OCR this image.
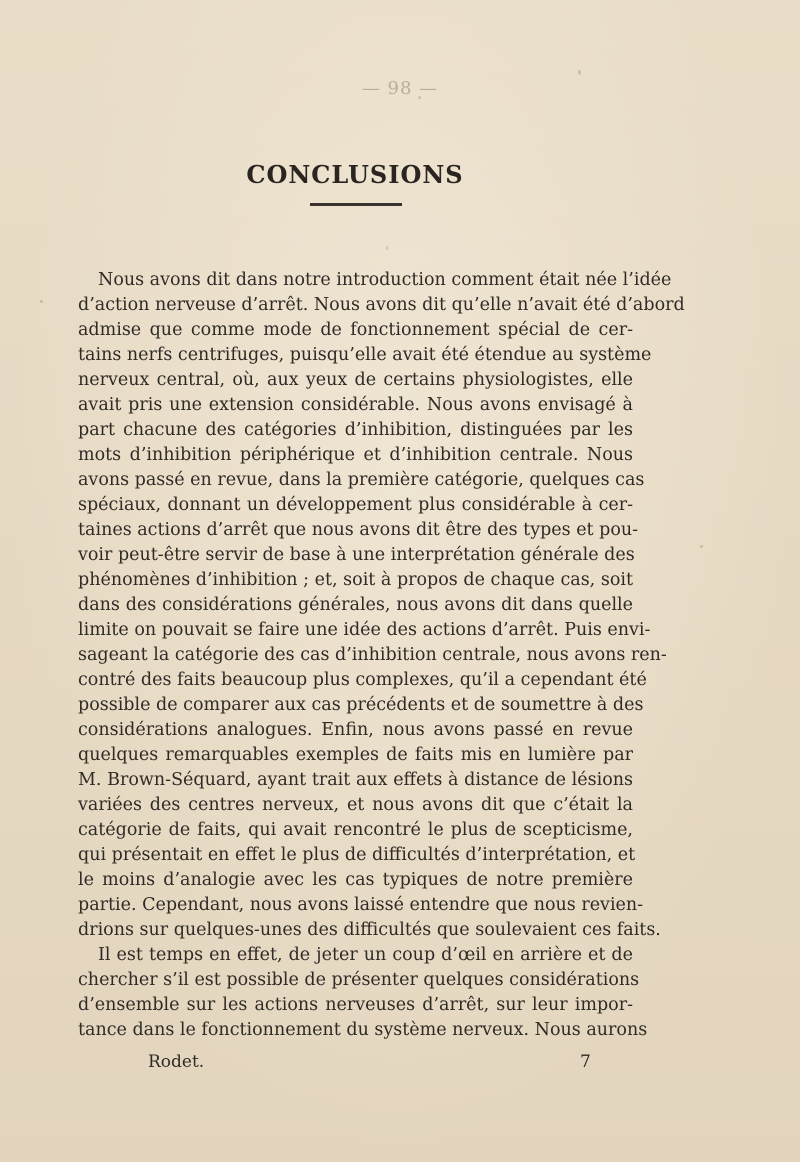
— 98 —
CONCLUSIONS

Nous avons dit dans notre introduction comment était née l’idée
d’action nerveuse d’arrêt. Nous avons dit qu’elle n’avait été d’abord
admise que comme mode de fonctionnement spécial de cer-
tains nerfs centrifuges, puisqu’elle avait été étendue au système
nerveux central, où, aux yeux de certains physiologistes, elle
avait pris une extension considérable. Nous avons envisagé à
part chacune des catégories d’inhibition, distinguées par les
mots d’inhibition périphérique et d’inhibition centrale. Nous
avons passé en revue, dans la première catégorie, quelques cas
spéciaux, donnant un développement plus considérable à cer-
taines actions d’arrêt que nous avons dit être des types et pou-
voir peut-être servir de base à une interprétation générale des
phénomènes d’inhibition ; et, soit à propos de chaque cas, soit
dans des considérations générales, nous avons dit dans quelle
limite on pouvait se faire une idée des actions d’arrêt. Puis envi-
sageant la catégorie des cas d’inhibition centrale, nous avons ren-
contré des faits beaucoup plus complexes, qu’il a cependant été
possible de comparer aux cas précédents et de soumettre à des
considérations analogues. Enfin, nous avons passé en revue
quelques remarquables exemples de faits mis en lumière par
M. Brown-Séquard, ayant trait aux effets à distance de lésions
variées des centres nerveux, et nous avons dit que c’était la
catégorie de faits, qui avait rencontré le plus de scepticisme,
qui présentait en effet le plus de difficultés d’interprétation, et
le moins d’analogie avec les cas typiques de notre première
partie. Cependant, nous avons laissé entendre que nous revien-
drions sur quelques-unes des difficultés que soulevaient ces faits.

Il est temps en effet, de jeter un coup d’œil en arrière et de
chercher s’il est possible de présenter quelques considérations
d’ensemble sur les actions nerveuses d’arrêt, sur leur impor-
tance dans le fonctionnement du système nerveux. Nous aurons

Rodet.	7
